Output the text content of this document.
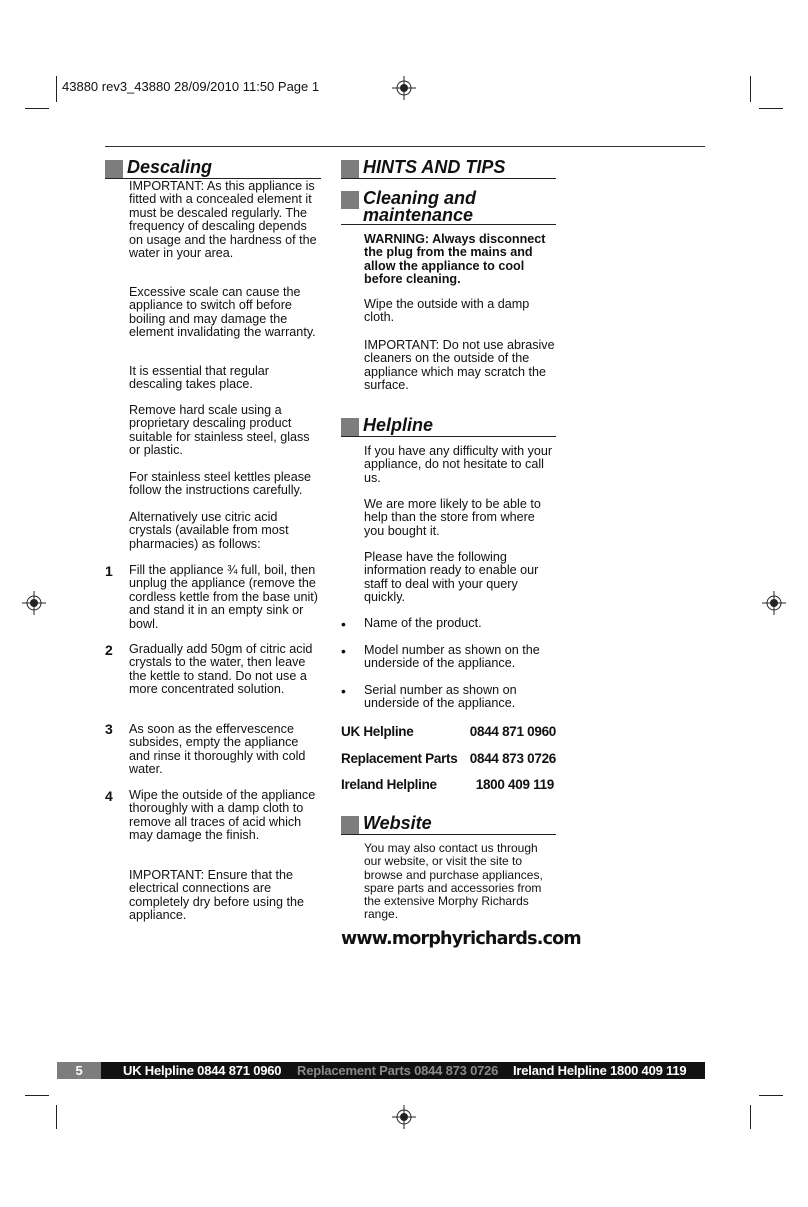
43880 rev3_43880 28/09/2010 11:50 Page 1
Descaling

IMPORTANT: As this appliance is fitted with a concealed element it must be descaled regularly. The frequency of descaling depends on usage and the hardness of the water in your area.

Excessive scale can cause the appliance to switch off before boiling and may damage the element invalidating the warranty.

It is essential that regular descaling takes place.

Remove hard scale using a proprietary descaling product suitable for stainless steel, glass or plastic.

For stainless steel kettles please follow the instructions carefully.

Alternatively use citric acid crystals (available from most pharmacies) as follows:

1 Fill the appliance ¾ full, boil, then unplug the appliance (remove the cordless kettle from the base unit) and stand it in an empty sink or bowl.

2 Gradually add 50gm of citric acid crystals to the water, then leave the kettle to stand. Do not use a more concentrated solution.

3 As soon as the effervescence subsides, empty the appliance and rinse it thoroughly with cold water.

4 Wipe the outside of the appliance thoroughly with a damp cloth to remove all traces of acid which may damage the finish.

IMPORTANT: Ensure that the electrical connections are completely dry before using the appliance.

HINTS AND TIPS
Cleaning and
maintenance

WARNING: Always disconnect the plug from the mains and allow the appliance to cool before cleaning.

Wipe the outside with a damp cloth.

IMPORTANT: Do not use abrasive cleaners on the outside of the appliance which may scratch the surface.

Helpline

If you have any difficulty with your appliance, do not hesitate to call us.

We are more likely to be able to help than the store from where you bought it.

Please have the following information ready to enable our staff to deal with your query quickly.

• Name of the product.

• Model number as shown on the underside of the appliance.

• Serial number as shown on underside of the appliance.

UK Helpline	0844 871 0960
Replacement Parts 0844 873 0726
Ireland Helpline	1800 409 119
Website

You may also contact us through our website, or visit the site to browse and purchase appliances, spare parts and accessories from the extensive Morphy Richards range.

www.morphyrichards.com
5	UK Helpline 0844 871 0960 Replacement Parts 0844 873 0726 Ireland Helpline 1800 409 119
